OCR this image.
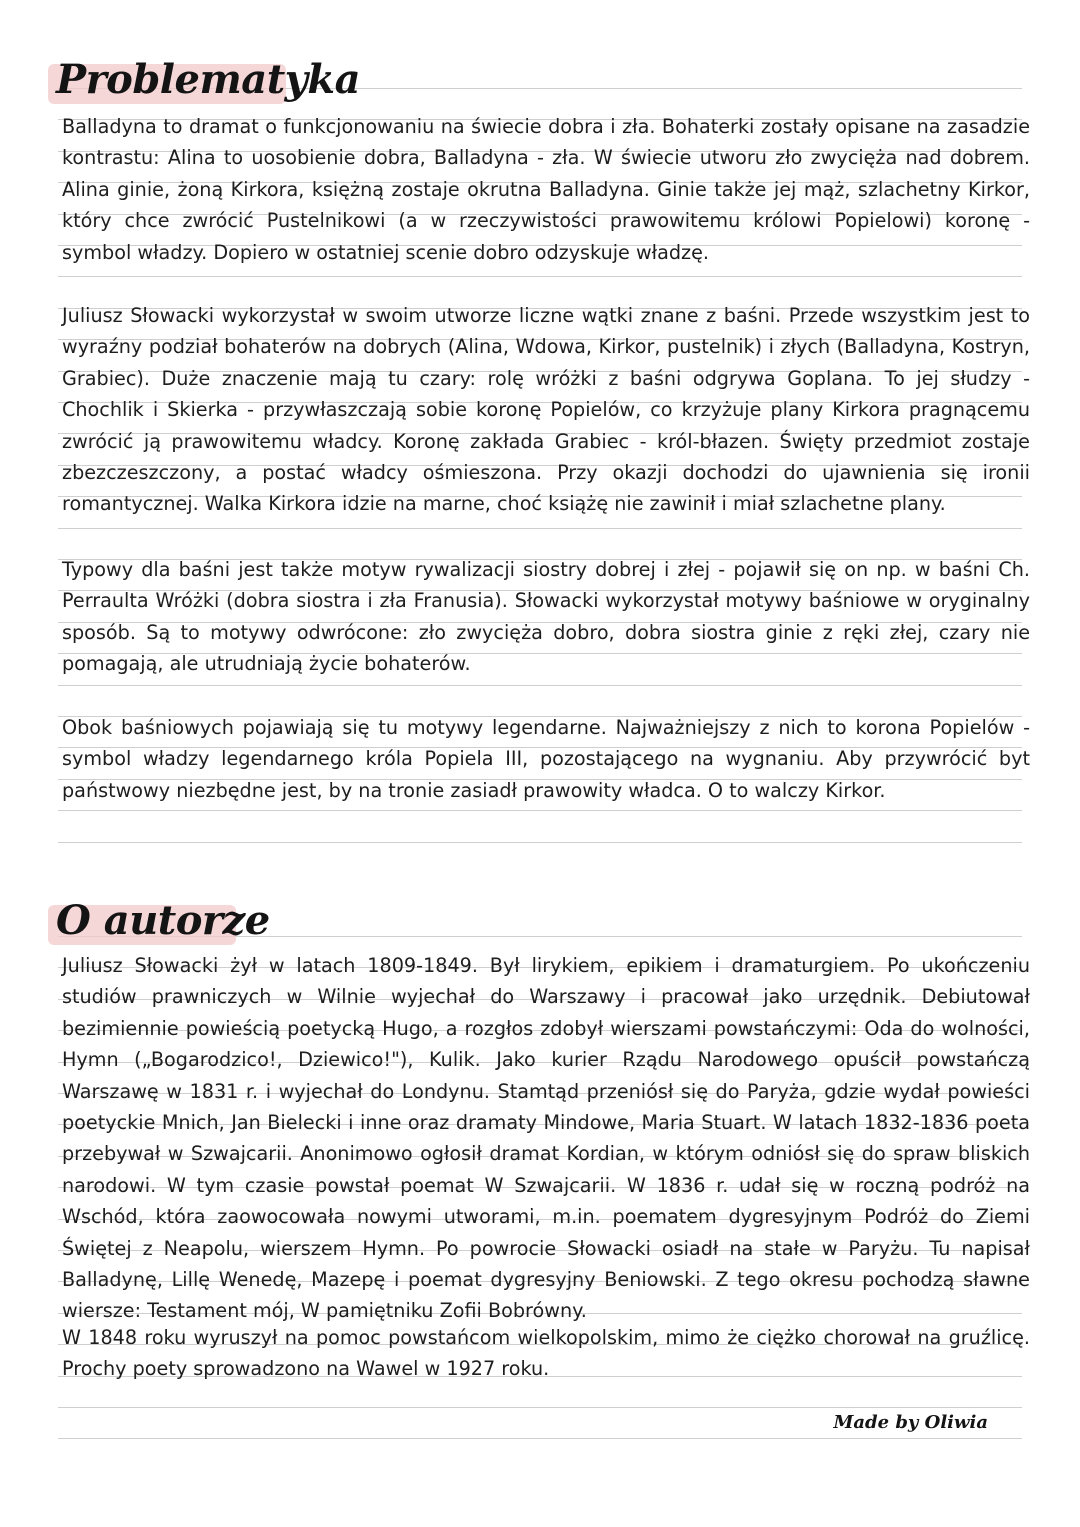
Problematyka

Balladyna to dramat o funkcjonowaniu na świecie dobra i zła. Bohaterki zostały opisane na zasadzie kontrastu: Alina to uosobienie dobra, Balladyna - zła. W świecie utworu zło zwycięża nad dobrem. Alina ginie, żoną Kirkora, księżną zostaje okrutna Balladyna. Ginie także jej mąż, szlachetny Kirkor, który chce zwrócić Pustelnikowi (a w rzeczywistości prawowitemu królowi Popielowi) koronę - symbol władzy. Dopiero w ostatniej scenie dobro odzyskuje władzę.

Juliusz Słowacki wykorzystał w swoim utworze liczne wątki znane z baśni. Przede wszystkim jest to wyraźny podział bohaterów na dobrych (Alina, Wdowa, Kirkor, pustelnik) i złych (Balladyna, Kostryn, Grabiec). Duże znaczenie mają tu czary: rolę wróżki z baśni odgrywa Goplana. To jej słudzy - Chochlik i Skierka - przywłaszczają sobie koronę Popielów, co krzyżuje plany Kirkora pragnącemu zwrócić ją prawowitemu władcy. Koronę zakłada Grabiec - król-błazen. Święty przedmiot zostaje zbezczeszczony, a postać władcy ośmieszona. Przy okazji dochodzi do ujawnienia się ironii romantycznej. Walka Kirkora idzie na marne, choć książę nie zawinił i miał szlachetne plany.

Typowy dla baśni jest także motyw rywalizacji siostry dobrej i złej - pojawił się on np. w baśni Ch. Perraulta Wróżki (dobra siostra i zła Franusia). Słowacki wykorzystał motywy baśniowe w oryginalny sposób. Są to motywy odwrócone: zło zwycięża dobro, dobra siostra ginie z ręki złej, czary nie pomagają, ale utrudniają życie bohaterów.

Obok baśniowych pojawiają się tu motywy legendarne. Najważniejszy z nich to korona Popielów - symbol władzy legendarnego króla Popiela III, pozostającego na wygnaniu. Aby przywrócić byt państwowy niezbędne jest, by na tronie zasiadł prawowity władca. O to walczy Kirkor.

O autorze

Juliusz Słowacki żył w latach 1809-1849. Był lirykiem, epikiem i dramaturgiem. Po ukończeniu studiów prawniczych w Wilnie wyjechał do Warszawy i pracował jako urzędnik. Debiutował bezimiennie powieścią poetycką Hugo, a rozgłos zdobył wierszami powstańczymi: Oda do wolności, Hymn („Bogarodzico!, Dziewico!"), Kulik. Jako kurier Rządu Narodowego opuścił powstańczą Warszawę w 1831 r. i wyjechał do Londynu. Stamtąd przeniósł się do Paryża, gdzie wydał powieści poetyckie Mnich, Jan Bielecki i inne oraz dramaty Mindowe, Maria Stuart. W latach 1832-1836 poeta przebywał w Szwajcarii. Anonimowo ogłosił dramat Kordian, w którym odniósł się do spraw bliskich narodowi. W tym czasie powstał poemat W Szwajcarii. W 1836 r. udał się w roczną podróż na Wschód, która zaowocowała nowymi utworami, m.in. poematem dygresyjnym Podróż do Ziemi Świętej z Neapolu, wierszem Hymn. Po powrocie Słowacki osiadł na stałe w Paryżu. Tu napisał Balladynę, Lillę Wenedę, Mazepę i poemat dygresyjny Beniowski. Z tego okresu pochodzą sławne wiersze: Testament mój, W pamiętniku Zofii Bobrówny.

W 1848 roku wyruszył na pomoc powstańcom wielkopolskim, mimo że ciężko chorował na gruźlicę. Prochy poety sprowadzono na Wawel w 1927 roku.

Made by Oliwia
